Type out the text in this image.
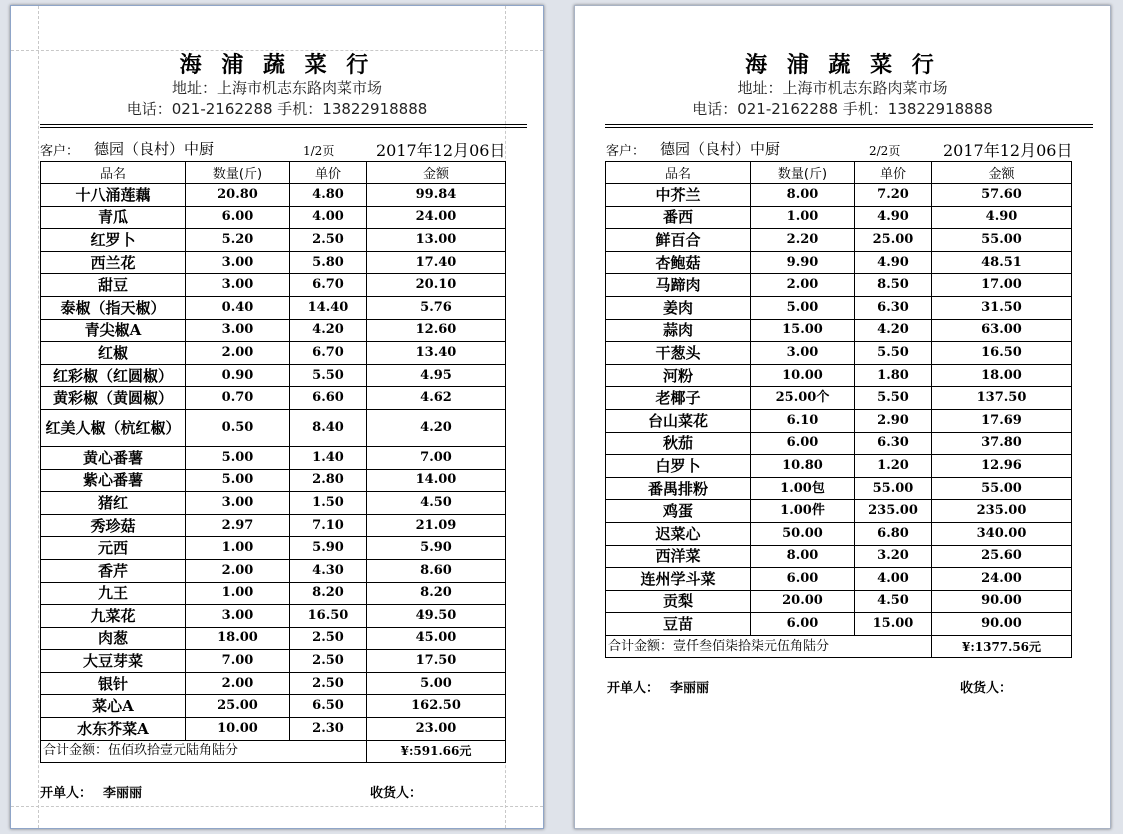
海 浦 蔬 菜 行
地址：上海市机志东路肉菜市场
电话：021-2162288 手机：13822918888
客户： 德园（良村）中厨	1/2页	2017年12月06日
品名	数量(斤)	单价	金额
十八涌莲藕	20.80	4.80	99.84
青瓜	6.00	4.00	24.00
红罗卜	5.20	2.50	13.00
西兰花	3.00	5.80	17.40
甜豆	3.00	6.70	20.10
泰椒（指天椒）	0.40	14.40	5.76
青尖椒A	3.00	4.20	12.60
红椒	2.00	6.70	13.40
红彩椒（红圆椒）	0.90	5.50	4.95
黄彩椒（黄圆椒）	0.70	6.60	4.62
红美人椒（杭红椒）	0.50	8.40	4.20
黄心番薯	5.00	1.40	7.00
紫心番薯	5.00	2.80	14.00
猪红	3.00	1.50	4.50
秀珍菇	2.97	7.10	21.09
元西	1.00	5.90	5.90
香芹	2.00	4.30	8.60
九王	1.00	8.20	8.20
九菜花	3.00	16.50	49.50
肉葱	18.00	2.50	45.00
大豆芽菜	7.00	2.50	17.50
银针	2.00	2.50	5.00
菜心A	25.00	6.50	162.50
水东芥菜A	10.00	2.30	23.00
合计金额：伍佰玖拾壹元陆角陆分			¥:591.66元
开单人： 李丽丽	收货人：
海 浦 蔬 菜 行
地址：上海市机志东路肉菜市场
电话：021-2162288 手机：13822918888
客户： 德园（良村）中厨	2/2页	2017年12月06日
品名	数量(斤)	单价	金额
中芥兰	8.00	7.20	57.60
番西	1.00	4.90	4.90
鲜百合	2.20	25.00	55.00
杏鲍菇	9.90	4.90	48.51
马蹄肉	2.00	8.50	17.00
姜肉	5.00	6.30	31.50
蒜肉	15.00	4.20	63.00
干葱头	3.00	5.50	16.50
河粉	10.00	1.80	18.00
老椰子	25.00个	5.50	137.50
台山菜花	6.10	2.90	17.69
秋茄	6.00	6.30	37.80
白罗卜	10.80	1.20	12.96
番禺排粉	1.00包	55.00	55.00
鸡蛋	1.00件	235.00	235.00
迟菜心	50.00	6.80	340.00
西洋菜	8.00	3.20	25.60
连州学斗菜	6.00	4.00	24.00
贡梨	20.00	4.50	90.00
豆苗	6.00	15.00	90.00
合计金额：壹仟叁佰柒拾柒元伍角陆分			¥:1377.56元
开单人： 李丽丽	收货人：
